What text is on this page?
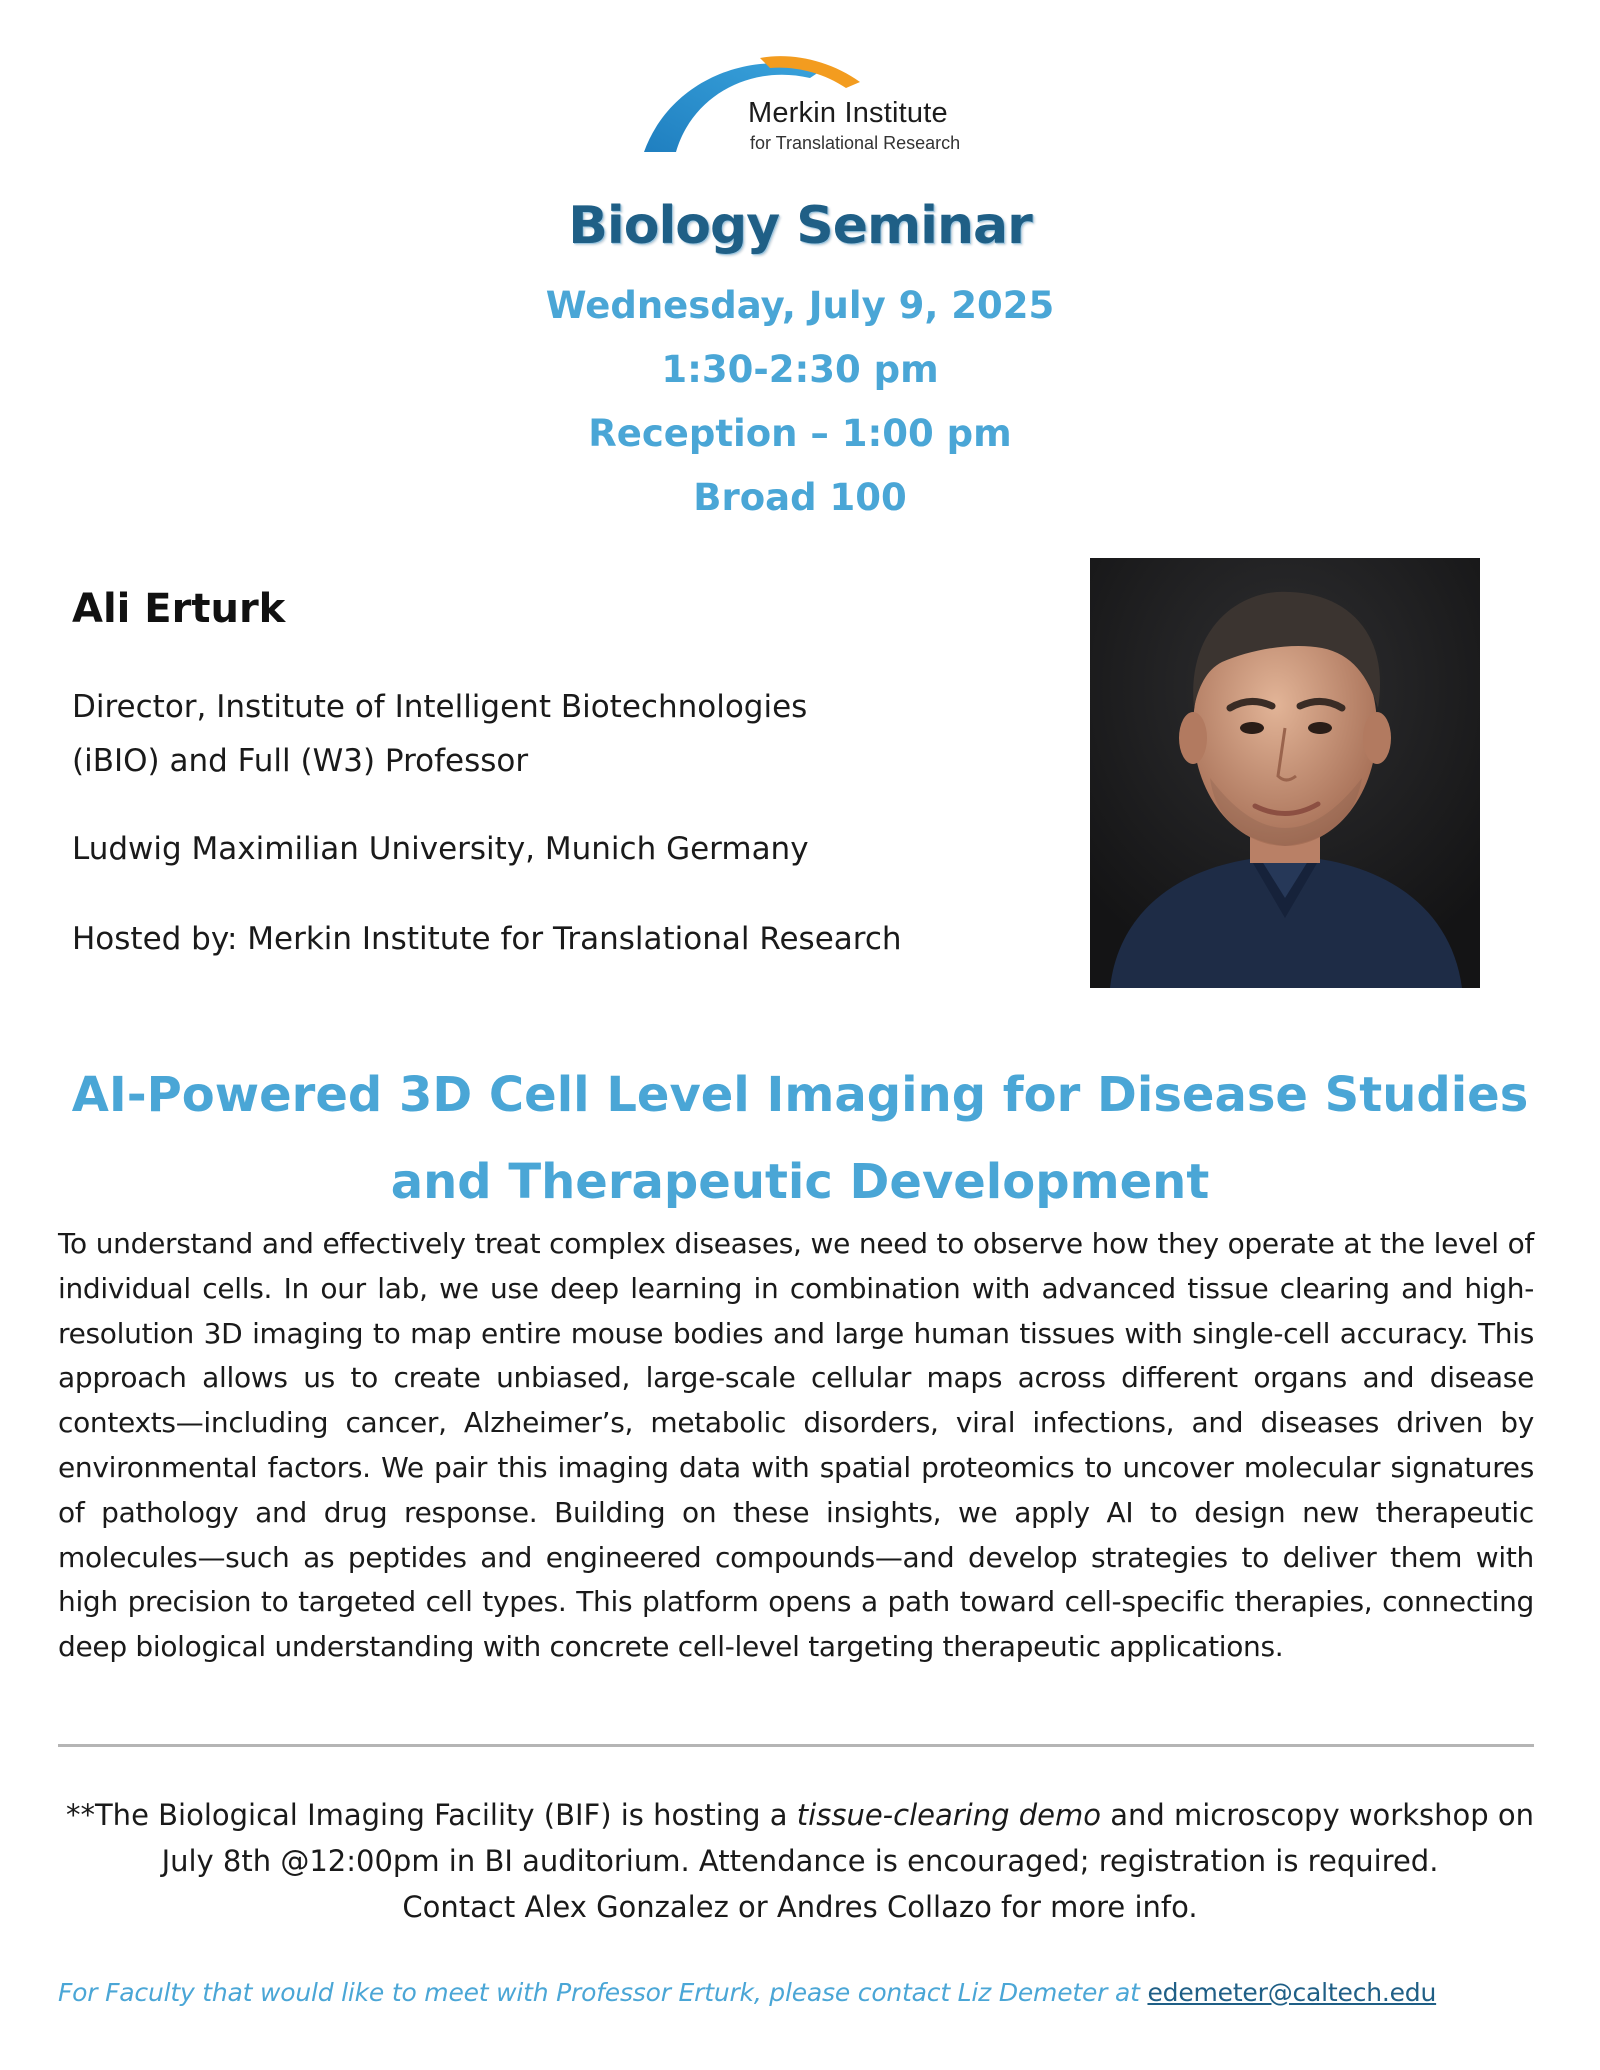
Merkin Institute
for Translational Research
Biology Seminar
Wednesday, July 9, 2025
1:30-2:30 pm
Reception – 1:00 pm
Broad 100
Ali Erturk
Director, Institute of Intelligent Biotechnologies
(iBIO) and Full (W3) Professor
Ludwig Maximilian University, Munich Germany
Hosted by: Merkin Institute for Translational Research
AI-Powered 3D Cell Level Imaging for Disease Studies
and Therapeutic Development
To understand and effectively treat complex diseases, we need to observe how they operate at the level of individual cells. In our lab, we use deep learning in combination with advanced tissue clearing and high-resolution 3D imaging to map entire mouse bodies and large human tissues with single-cell accuracy. This approach allows us to create unbiased, large-scale cellular maps across different organs and disease contexts—including cancer, Alzheimer’s, metabolic disorders, viral infections, and diseases driven by environmental factors. We pair this imaging data with spatial proteomics to uncover molecular signatures of pathology and drug response. Building on these insights, we apply AI to design new therapeutic molecules—such as peptides and engineered compounds—and develop strategies to deliver them with high precision to targeted cell types. This platform opens a path toward cell-specific therapies, connecting deep biological understanding with concrete cell-level targeting therapeutic applications.
**The Biological Imaging Facility (BIF) is hosting a tissue-clearing demo and microscopy workshop on July 8th @12:00pm in BI auditorium. Attendance is encouraged; registration is required.
Contact Alex Gonzalez or Andres Collazo for more info.
For Faculty that would like to meet with Professor Erturk, please contact Liz Demeter at edemeter@caltech.edu
